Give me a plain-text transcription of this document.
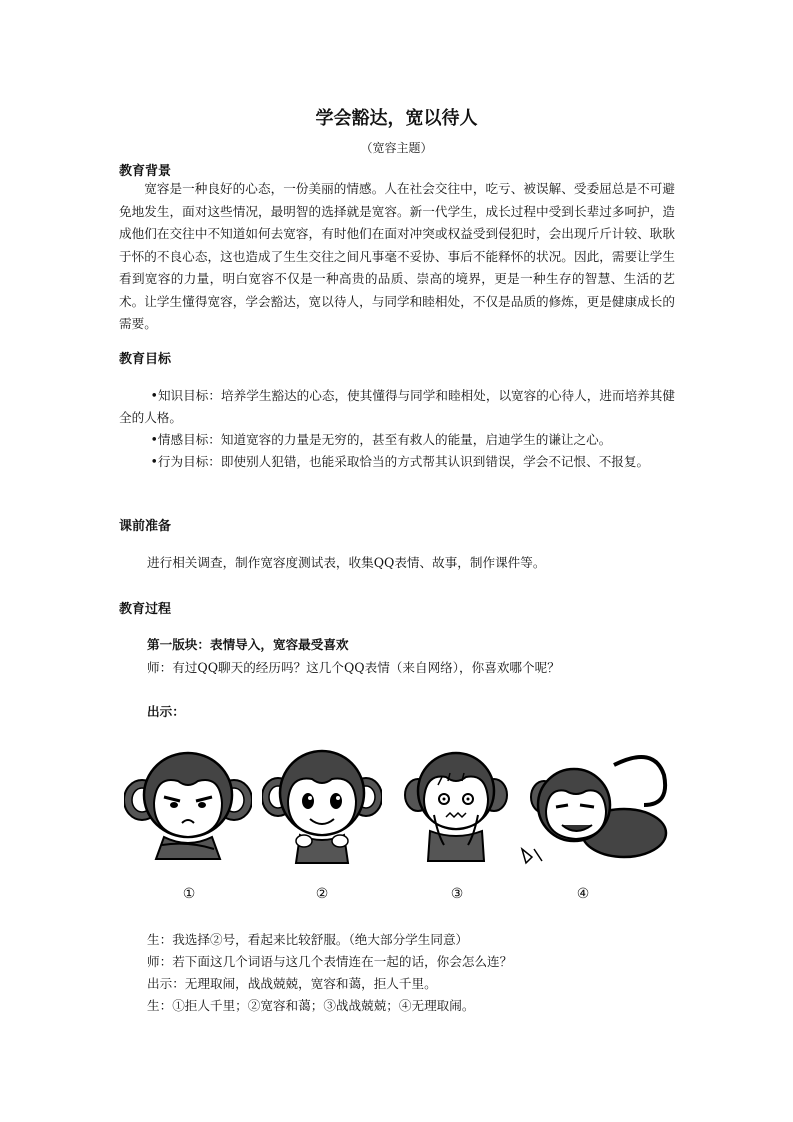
学会豁达，宽以待人
（宽容主题）
教育背景

宽容是一种良好的心态，一份美丽的情感。人在社会交往中，吃亏、被误解、受委屈总是不可避免地发生，面对这些情况，最明智的选择就是宽容。新一代学生，成长过程中受到长辈过多呵护，造成他们在交往中不知道如何去宽容，有时他们在面对冲突或权益受到侵犯时，会出现斤斤计较、耿耿于怀的不良心态，这也造成了生生交往之间凡事毫不妥协、事后不能释怀的状况。因此，需要让学生看到宽容的力量，明白宽容不仅是一种高贵的品质、崇高的境界，更是一种生存的智慧、生活的艺术。让学生懂得宽容，学会豁达，宽以待人，与同学和睦相处，不仅是品质的修炼，更是健康成长的需要。

教育目标

•知识目标：培养学生豁达的心态，使其懂得与同学和睦相处，以宽容的心待人，进而培养其健全的人格。

•情感目标：知道宽容的力量是无穷的，甚至有救人的能量，启迪学生的谦让之心。

•行为目标：即使别人犯错，也能采取恰当的方式帮其认识到错误，学会不记恨、不报复。

课前准备

进行相关调查，制作宽容度测试表，收集QQ表情、故事，制作课件等。

教育过程

第一版块：表情导入，宽容最受喜欢

师：有过QQ聊天的经历吗？这几个QQ表情（来自网络），你喜欢哪个呢？

出示：

①	②	③	④

生：我选择②号，看起来比较舒服。（绝大部分学生同意）

师：若下面这几个词语与这几个表情连在一起的话，你会怎么连？

出示：无理取闹，战战兢兢，宽容和蔼，拒人千里。

生：①拒人千里；②宽容和蔼；③战战兢兢；④无理取闹。
